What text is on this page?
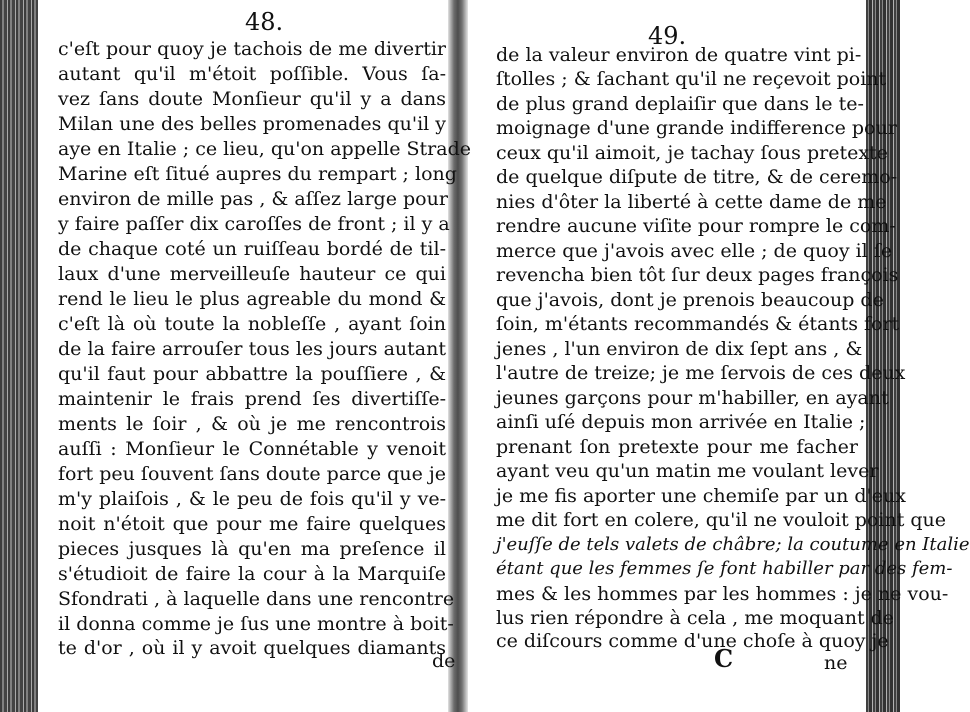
48.
c'eſt pour quoy je tachois de me divertir
autant qu'il m'étoit poſſible. Vous ſa-
vez ſans doute Monſieur qu'il y a dans
Milan une des belles promenades qu'il y
aye en Italie ; ce lieu, qu'on appelle Strade
Marine eſt ſitué aupres du rempart ; long
environ de mille pas , & aſſez large pour
y faire paſſer dix caroſſes de front ; il y a
de chaque coté un ruiſſeau bordé de til-
laux d'une merveilleuſe hauteur ce qui
rend le lieu le plus agreable du mond &
c'eſt là où toute la nobleſſe , ayant ſoin
de la faire arrouſer tous les jours autant
qu'il faut pour abbattre la pouſſiere , &
maintenir le frais prend ſes divertiſſe-
ments le ſoir , & où je me rencontrois
auſſi : Monſieur le Connétable y venoit
fort peu ſouvent ſans doute parce que je
m'y plaiſois , & le peu de fois qu'il y ve-
noit n'étoit que pour me faire quelques
pieces jusques là qu'en ma preſence il
s'étudioit de faire la cour à la Marquiſe
Sfondrati , à laquelle dans une rencontre
il donna comme je ſus une montre à boit-
te d'or , où il y avoit quelques diamants
de
49.
de la valeur environ de quatre vint pi-
ſtolles ; & ſachant qu'il ne reçevoit point
de plus grand deplaiſir que dans le te-
moignage d'une grande indifference pour
ceux qu'il aimoit, je tachay ſous pretexte
de quelque diſpute de titre, & de ceremo-
nies d'ôter la liberté à cette dame de me
rendre aucune viſite pour rompre le com-
merce que j'avois avec elle ; de quoy il ſe
revencha bien tôt ſur deux pages françois
que j'avois, dont je prenois beaucoup de
ſoin, m'étants recommandés & étants fort
jenes , l'un environ de dix ſept ans , &
l'autre de treize; je me ſervois de ces deux
jeunes garçons pour m'habiller, en ayant
ainſi uſé depuis mon arrivée en Italie ;
prenant ſon pretexte pour me facher
ayant veu qu'un matin me voulant lever
je me fis aporter une chemiſe par un d'eux
me dit fort en colere, qu'il ne vouloit point que
j'euſſe de tels valets de châbre; la coutume en Italie
étant que les femmes ſe font habiller par des fem-
mes & les hommes par les hommes : je ne vou-
lus rien répondre à cela , me moquant de
ce diſcours comme d'une choſe à quoy je
C	ne
